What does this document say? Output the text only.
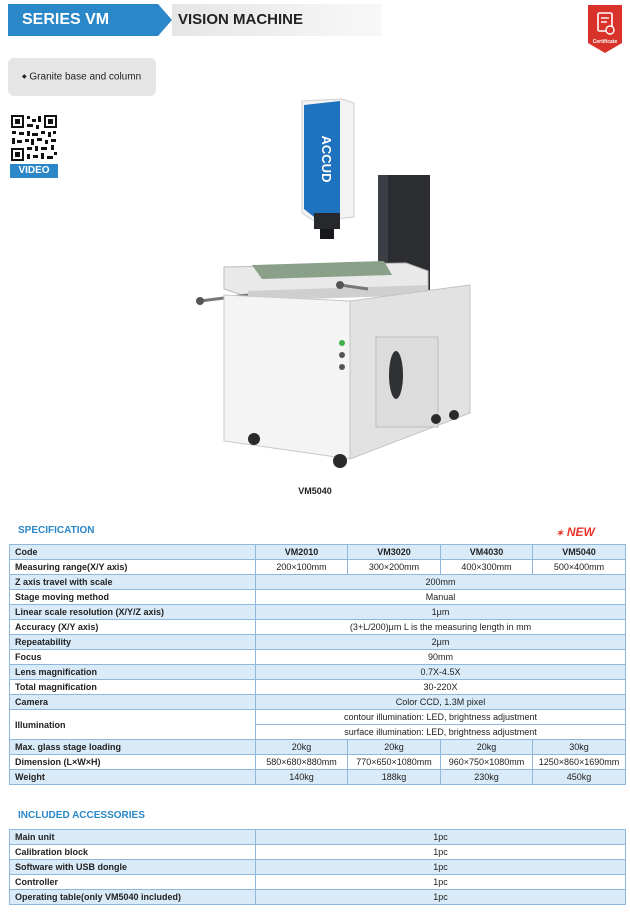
SERIES VM	VISION MACHINE
Certificate
◆ Granite base and column
VIDEO	ACCUD
VM5040
SPECIFICATION	✶ NEW
Code	VM2010	VM3020	VM4030	VM5040
Measuring range(X/Y axis)	200×100mm	300×200mm	400×300mm	500×400mm
Z axis travel with scale	200mm			
Stage moving method	Manual			
Linear scale resolution (X/Y/Z axis)	1μm			
Accuracy (X/Y axis)	(3+L/200)μm L is the measuring length in mm			
Repeatability	2μm			
Focus	90mm			
Lens magnification	0.7X-4.5X			
Total magnification	30-220X			
Camera	Color CCD, 1.3M pixel			
Illumination	contour illumination: LED, brightness adjustment			
	surface illumination: LED, brightness adjustment			
Max. glass stage loading	20kg	20kg	20kg	30kg
Dimension (L×W×H)	580×680×880mm	770×650×1080mm	960×750×1080mm	1250×860×1690mm
Weight	140kg	188kg	230kg	450kg
INCLUDED ACCESSORIES
Main unit	1pc
Calibration block	1pc
Software with USB dongle	1pc
Controller	1pc
Operating table(only VM5040 included)	1pc
